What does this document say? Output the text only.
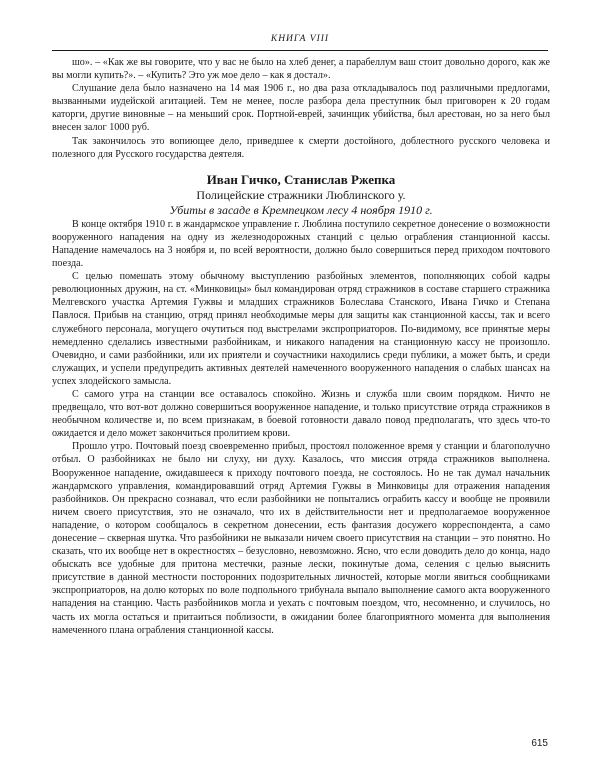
КНИГА VIII

шо». – «Как же вы говорите, что у вас не было на хлеб денег, а парабеллум ваш стоит довольно дорого, как же вы могли купить?». – «Купить? Это уж мое дело – как я достал».

Слушание дела было назначено на 14 мая 1906 г., но два раза откладывалось под различными предлогами, вызванными иудейской агитацией. Тем не менее, после разбора дела преступник был приговорен к 20 годам каторги, другие виновные – на меньший срок. Портной-еврей, зачинщик убийства, был арестован, но за него был внесен залог 1000 руб.

Так закончилось это вопиющее дело, приведшее к смерти достойного, доблестного русского человека и полезного для Русского государства деятеля.

Иван Гичко, Станислав Ржепка

Полицейские стражники Люблинского у.

Убиты в засаде в Кремпецком лесу 4 ноября 1910 г.

В конце октября 1910 г. в жандармское управление г. Люблина поступило секретное донесение о возможности вооруженного нападения на одну из железнодорожных станций с целью ограбления станционной кассы. Нападение намечалось на 3 ноября и, по всей вероятности, должно было совершиться перед приходом почтового поезда.

С целью помешать этому обычному выступлению разбойных элементов, пополняющих собой кадры революционных дружин, на ст. «Минковицы» был командирован отряд стражников в составе старшего стражника Мелгевского участка Артемия Гужвы и младших стражников Болеслава Станского, Ивана Гичко и Степана Павлося. Прибыв на станцию, отряд принял необходимые меры для защиты как станционной кассы, так и всего служебного персонала, могущего очутиться под выстрелами экспроприаторов. По-видимому, все принятые меры немедленно сделались известными разбойникам, и никакого нападения на станционную кассу не произошло. Очевидно, и сами разбойники, или их приятели и соучастники находились среди публики, а может быть, и среди служащих, и успели предупредить активных деятелей намеченного вооруженного нападения о слабых шансах на успех злодейского замысла.

С самого утра на станции все оставалось спокойно. Жизнь и служба шли своим порядком. Ничто не предвещало, что вот-вот должно совершиться вооруженное нападение, и только присутствие отряда стражников в необычном количестве и, по всем признакам, в боевой готовности давало повод предполагать, что здесь что-то ожидается и дело может закончиться пролитием крови.

Прошло утро. Почтовый поезд своевременно прибыл, простоял положенное время у станции и благополучно отбыл. О разбойниках не было ни слуху, ни духу. Казалось, что миссия отряда стражников выполнена. Вооруженное нападение, ожидавшееся к приходу почтового поезда, не состоялось. Но не так думал начальник жандармского управления, командировавший отряд Артемия Гужвы в Минковицы для отражения нападения разбойников. Он прекрасно сознавал, что если разбойники не попытались ограбить кассу и вообще не проявили ничем своего присутствия, это не означало, что их в действительности нет и предполагаемое вооруженное нападение, о котором сообщалось в секретном донесении, есть фантазия досужего корреспондента, а само донесение – скверная шутка. Что разбойники не выказали ничем своего присутствия на станции – это понятно. Но сказать, что их вообще нет в окрестностях – безусловно, невозможно. Ясно, что если доводить дело до конца, надо обыскать все удобные для притона местечки, разные лески, покинутые дома, селения с целью выяснить присутствие в данной местности посторонних подозрительных личностей, которые могли явиться сообщниками экспроприаторов, на долю которых по воле подпольного трибунала выпало выполнение самого акта вооруженного нападения на станцию. Часть разбойников могла и уехать с почтовым поездом, что, несомненно, и случилось, но часть их могла остаться и притаиться поблизости, в ожидании более благоприятного момента для выполнения намеченного плана ограбления станционной кассы.

615
